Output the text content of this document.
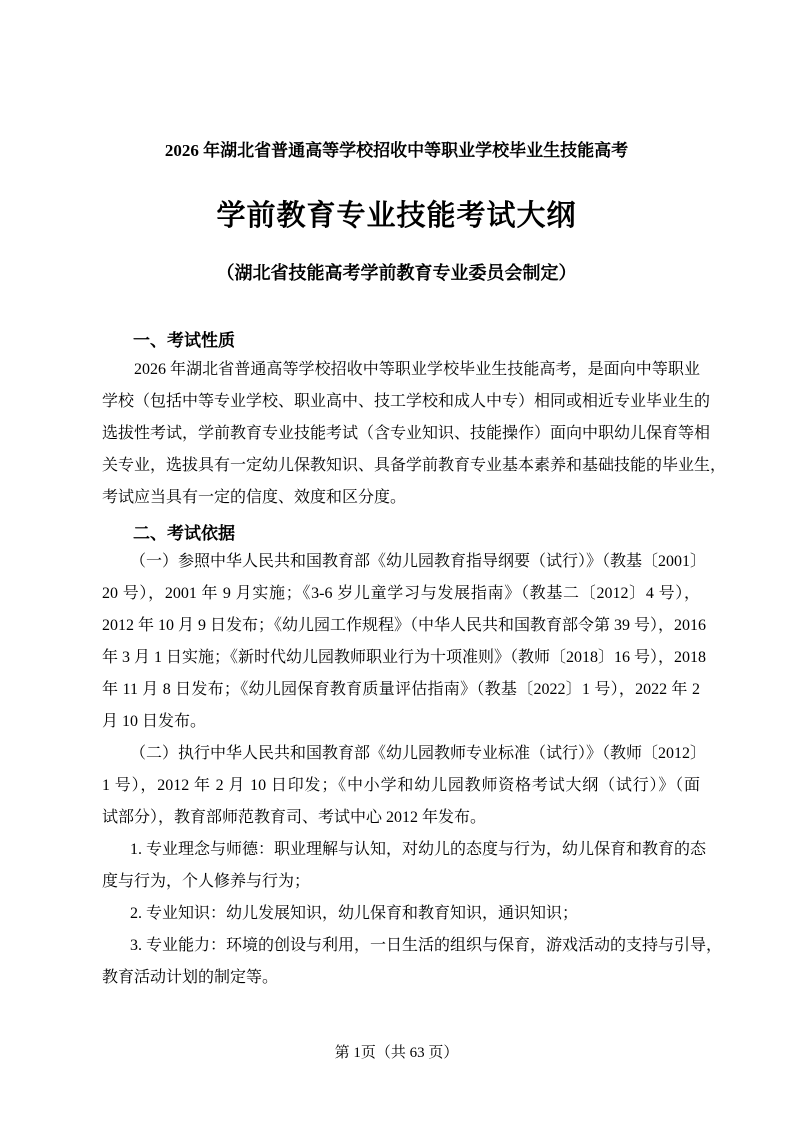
2026 年湖北省普通高等学校招收中等职业学校毕业生技能高考
学前教育专业技能考试大纲
（湖北省技能高考学前教育专业委员会制定）
一、考试性质
2026 年湖北省普通高等学校招收中等职业学校毕业生技能高考，是面向中等职业
学校（包括中等专业学校、职业高中、技工学校和成人中专）相同或相近专业毕业生的
选拔性考试，学前教育专业技能考试（含专业知识、技能操作）面向中职幼儿保育等相
关专业，选拔具有一定幼儿保教知识、具备学前教育专业基本素养和基础技能的毕业生，
考试应当具有一定的信度、效度和区分度。
二、考试依据
（一）参照中华人民共和国教育部《幼儿园教育指导纲要（试行）》（教基〔2001〕
20 号），2001 年 9 月实施；《3-6 岁儿童学习与发展指南》（教基二〔2012〕4 号），
2012 年 10 月 9 日发布；《幼儿园工作规程》（中华人民共和国教育部令第 39 号），2016
年 3 月 1 日实施；《新时代幼儿园教师职业行为十项准则》（教师〔2018〕16 号），2018
年 11 月 8 日发布；《幼儿园保育教育质量评估指南》（教基〔2022〕1 号），2022 年 2
月 10 日发布。
（二）执行中华人民共和国教育部《幼儿园教师专业标准（试行）》（教师〔2012〕
1 号），2012 年 2 月 10 日印发；《中小学和幼儿园教师资格考试大纲（试行）》（面
试部分），教育部师范教育司、考试中心 2012 年发布。
1. 专业理念与师德：职业理解与认知，对幼儿的态度与行为，幼儿保育和教育的态
度与行为，个人修养与行为；
2. 专业知识：幼儿发展知识，幼儿保育和教育知识，通识知识；
3. 专业能力：环境的创设与利用，一日生活的组织与保育，游戏活动的支持与引导，
教育活动计划的制定等。
第 1页（共 63 页）
